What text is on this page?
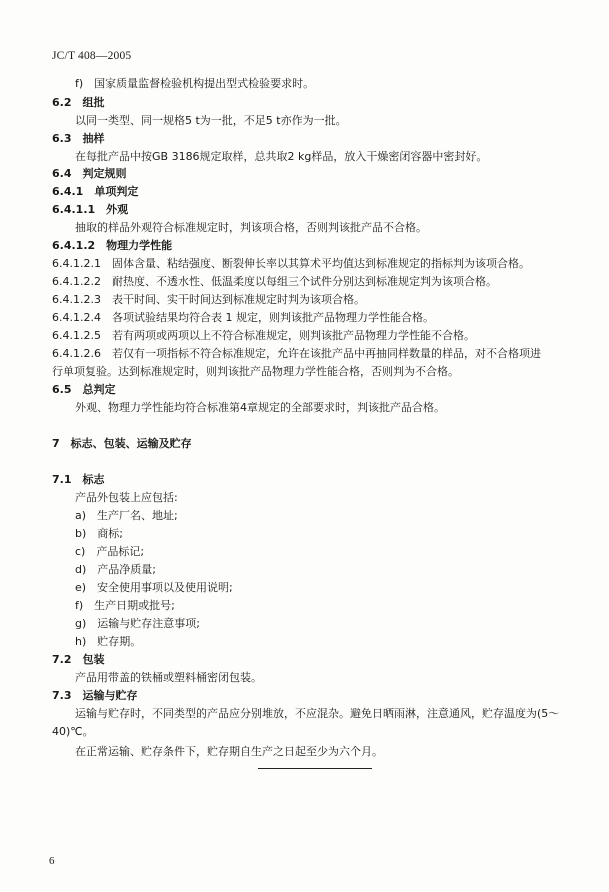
JC/T 408—2005
f)　国家质量监督检验机构提出型式检验要求时。
6.2　组批
以同一类型、同一规格5 t为一批，不足5 t亦作为一批。
6.3　抽样
在每批产品中按GB 3186规定取样，总共取2 kg样品，放入干燥密闭容器中密封好。
6.4　判定规则
6.4.1　单项判定
6.4.1.1　外观
抽取的样品外观符合标准规定时，判该项合格，否则判该批产品不合格。
6.4.1.2　物理力学性能
6.4.1.2.1　固体含量、粘结强度、断裂伸长率以其算术平均值达到标准规定的指标判为该项合格。
6.4.1.2.2　耐热度、不透水性、低温柔度以每组三个试件分别达到标准规定判为该项合格。
6.4.1.2.3　表干时间、实干时间达到标准规定时判为该项合格。
6.4.1.2.4　各项试验结果均符合表 1 规定，则判该批产品物理力学性能合格。
6.4.1.2.5　若有两项或两项以上不符合标准规定，则判该批产品物理力学性能不合格。
6.4.1.2.6　若仅有一项指标不符合标准规定，允许在该批产品中再抽同样数量的样品，对不合格项进
行单项复验。达到标准规定时，则判该批产品物理力学性能合格，否则判为不合格。
6.5　总判定
外观、物理力学性能均符合标准第4章规定的全部要求时，判该批产品合格。
7　标志、包装、运输及贮存
7.1　标志
产品外包装上应包括:
a)　生产厂名、地址;
b)　商标;
c)　产品标记;
d)　产品净质量;
e)　安全使用事项以及使用说明;
f)　生产日期或批号;
g)　运输与贮存注意事项;
h)　贮存期。
7.2　包装
产品用带盖的铁桶或塑料桶密闭包装。
7.3　运输与贮存
运输与贮存时，不同类型的产品应分别堆放，不应混杂。避免日晒雨淋，注意通风，贮存温度为(5～
40)℃。
在正常运输、贮存条件下，贮存期自生产之日起至少为六个月。
6
